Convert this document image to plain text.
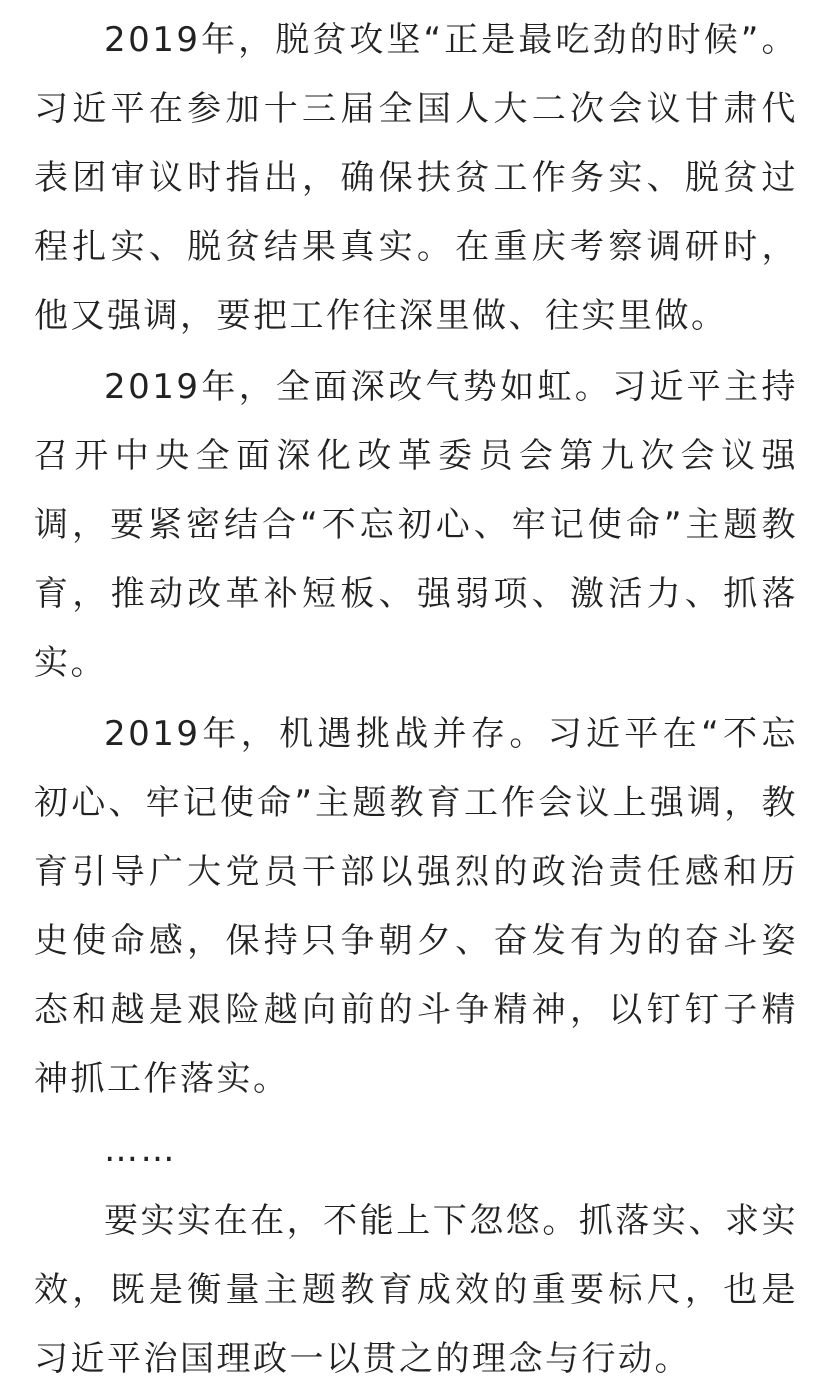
2019年，脱贫攻坚“正是最吃劲的时候”。习近平在参加十三届全国人大二次会议甘肃代表团审议时指出，确保扶贫工作务实、脱贫过程扎实、脱贫结果真实。在重庆考察调研时，他又强调，要把工作往深里做、往实里做。

2019年，全面深改气势如虹。习近平主持召开中央全面深化改革委员会第九次会议强调，要紧密结合“不忘初心、牢记使命”主题教育，推动改革补短板、强弱项、激活力、抓落实。

2019年，机遇挑战并存。习近平在“不忘初心、牢记使命”主题教育工作会议上强调，教育引导广大党员干部以强烈的政治责任感和历史使命感，保持只争朝夕、奋发有为的奋斗姿态和越是艰险越向前的斗争精神，以钉钉子精神抓工作落实。

……

要实实在在，不能上下忽悠。抓落实、求实效，既是衡量主题教育成效的重要标尺，也是习近平治国理政一以贯之的理念与行动。
